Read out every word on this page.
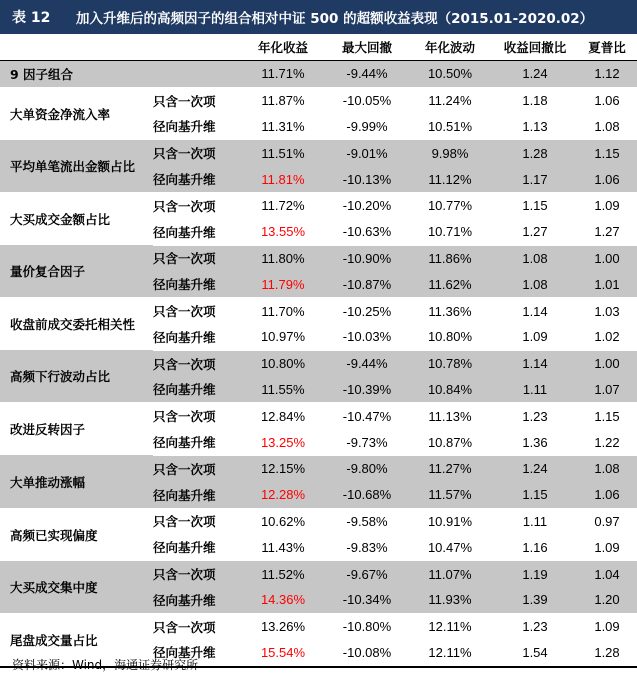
表 12	加入升维后的高频因子的组合相对中证 500 的超额收益表现（2015.01-2020.02）
		年化收益	最大回撤	年化波动	收益回撤比	夏普比
9 因子组合		11.71%	-9.44%	10.50%	1.24	1.12
大单资金净流入率	只含一次项	11.87%	-10.05%	11.24%	1.18	1.06
	径向基升维	11.31%	-9.99%	10.51%	1.13	1.08
平均单笔流出金额占比	只含一次项	11.51%	-9.01%	9.98%	1.28	1.15
	径向基升维	11.81%	-10.13%	11.12%	1.17	1.06
大买成交金额占比	只含一次项	11.72%	-10.20%	10.77%	1.15	1.09
	径向基升维	13.55%	-10.63%	10.71%	1.27	1.27
量价复合因子	只含一次项	11.80%	-10.90%	11.86%	1.08	1.00
	径向基升维	11.79%	-10.87%	11.62%	1.08	1.01
收盘前成交委托相关性	只含一次项	11.70%	-10.25%	11.36%	1.14	1.03
	径向基升维	10.97%	-10.03%	10.80%	1.09	1.02
高频下行波动占比	只含一次项	10.80%	-9.44%	10.78%	1.14	1.00
	径向基升维	11.55%	-10.39%	10.84%	1.11	1.07
改进反转因子	只含一次项	12.84%	-10.47%	11.13%	1.23	1.15
	径向基升维	13.25%	-9.73%	10.87%	1.36	1.22
大单推动涨幅	只含一次项	12.15%	-9.80%	11.27%	1.24	1.08
	径向基升维	12.28%	-10.68%	11.57%	1.15	1.06
高频已实现偏度	只含一次项	10.62%	-9.58%	10.91%	1.11	0.97
	径向基升维	11.43%	-9.83%	10.47%	1.16	1.09
大买成交集中度	只含一次项	11.52%	-9.67%	11.07%	1.19	1.04
	径向基升维	14.36%	-10.34%	11.93%	1.39	1.20
尾盘成交量占比	只含一次项	13.26%	-10.80%	12.11%	1.23	1.09
	径向基升维	15.54%	-10.08%	12.11%	1.54	1.28
资料来源：Wind，海通证券研究所
